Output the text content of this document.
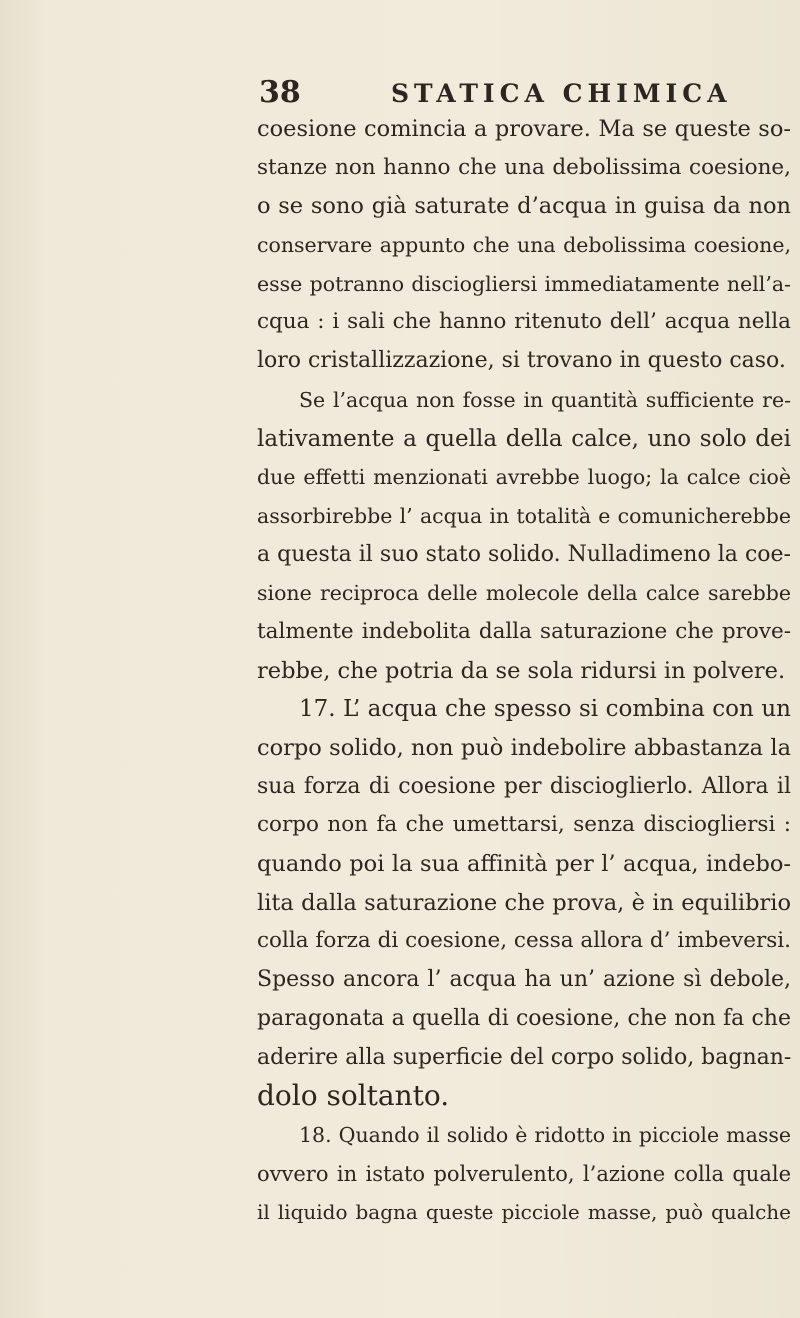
38	STATICA CHIMICA
coesione comincia a provare. Ma se queste so-
stanze non hanno che una debolissima coesione,
o se sono già saturate d’acqua in guisa da non
conservare appunto che una debolissima coesione,
esse potranno disciogliersi immediatamente nell’a-
cqua : i sali che hanno ritenuto dell’ acqua nella
loro cristallizzazione, si trovano in questo caso.
Se l’acqua non fosse in quantità sufficiente re-
lativamente a quella della calce, uno solo dei
due effetti menzionati avrebbe luogo; la calce cioè
assorbirebbe l’ acqua in totalità e comunicherebbe
a questa il suo stato solido. Nulladimeno la coe-
sione reciproca delle molecole della calce sarebbe
talmente indebolita dalla saturazione che prove-
rebbe, che potria da se sola ridursi in polvere.
17. L’ acqua che spesso si combina con un
corpo solido, non può indebolire abbastanza la
sua forza di coesione per discioglierlo. Allora il
corpo non fa che umettarsi, senza disciogliersi :
quando poi la sua affinità per l’ acqua, indebo-
lita dalla saturazione che prova, è in equilibrio
colla forza di coesione, cessa allora d’ imbeversi.
Spesso ancora l’ acqua ha un’ azione sì debole,
paragonata a quella di coesione, che non fa che
aderire alla superficie del corpo solido, bagnan-
dolo soltanto.
18. Quando il solido è ridotto in picciole masse
ovvero in istato polverulento, l’azione colla quale
il liquido bagna queste picciole masse, può qualche
